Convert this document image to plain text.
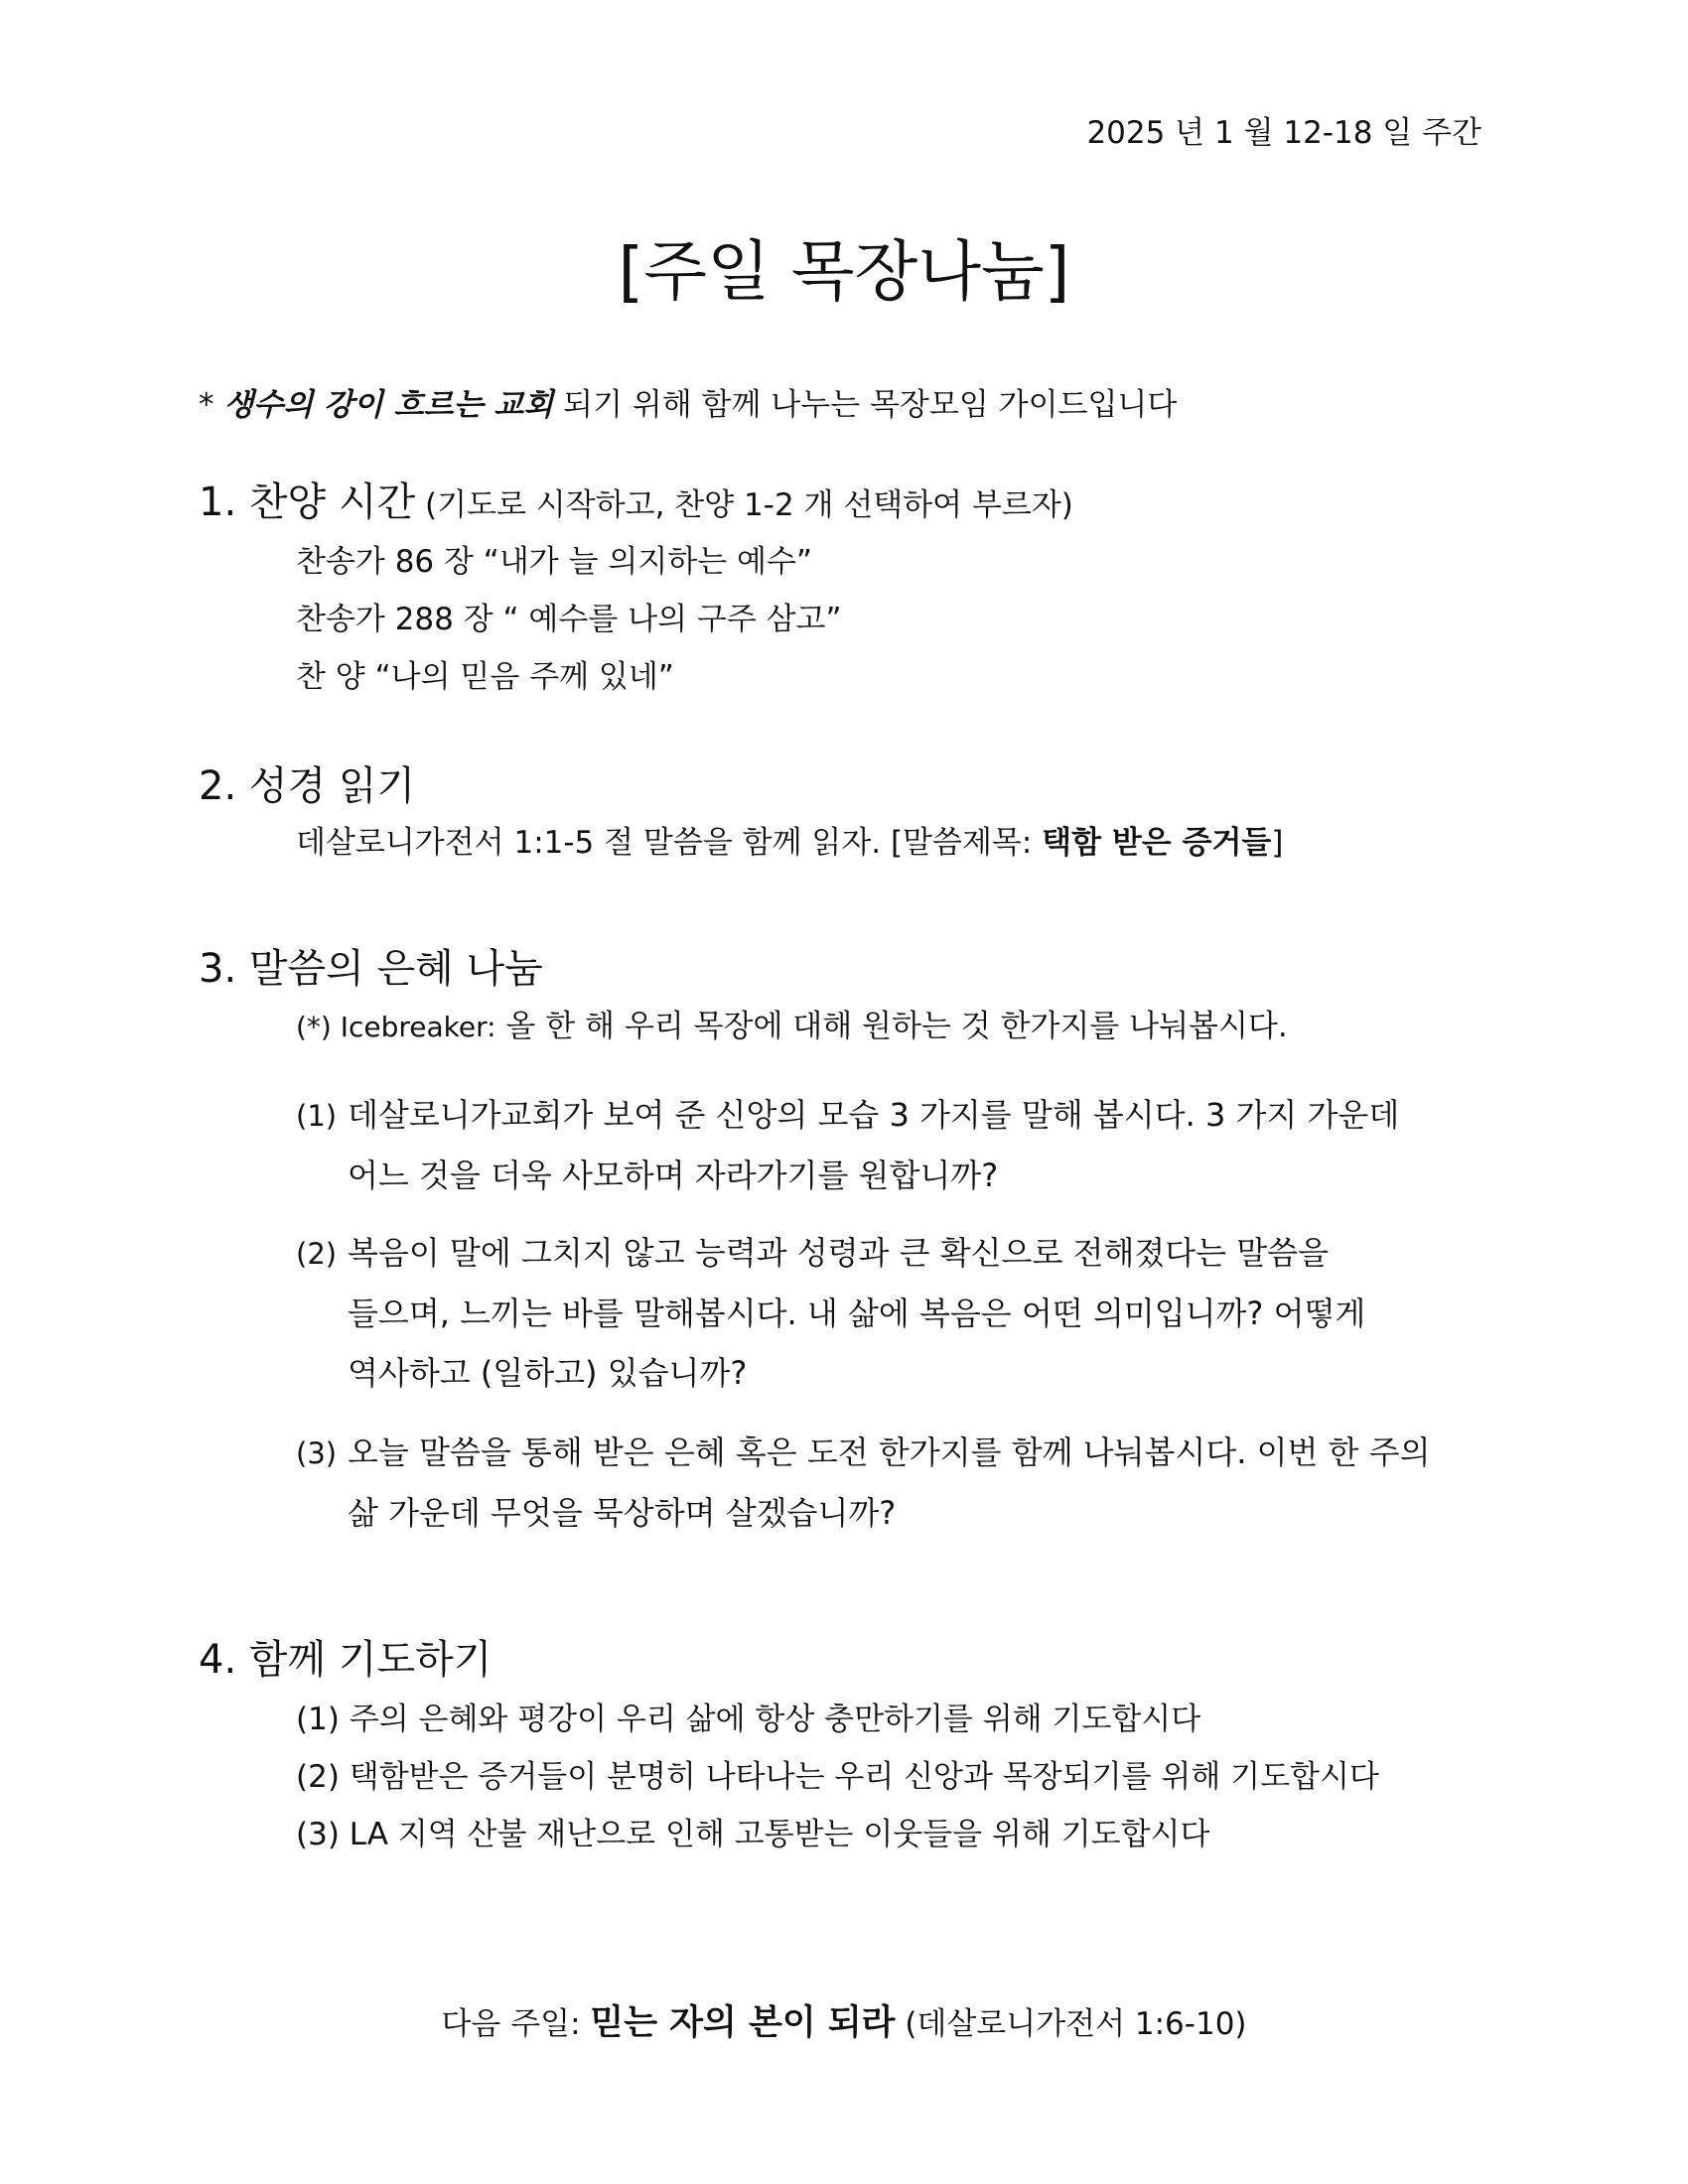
2025 년 1 월 12-18 일 주간
[주일 목장나눔]
* 생수의 강이 흐르는 교회 되기 위해 함께 나누는 목장모임 가이드입니다
1. 찬양 시간 (기도로 시작하고, 찬양 1-2 개 선택하여 부르자)
찬송가 86 장 “내가 늘 의지하는 예수”
찬송가 288 장 “ 예수를 나의 구주 삼고”
찬 양 “나의 믿음 주께 있네”
2. 성경 읽기
데살로니가전서 1:1-5 절 말씀을 함께 읽자. [말씀제목: 택함 받은 증거들]
3. 말씀의 은혜 나눔
(*) Icebreaker: 올 한 해 우리 목장에 대해 원하는 것 한가지를 나눠봅시다.
(1) 데살로니가교회가 보여 준 신앙의 모습 3 가지를 말해 봅시다. 3 가지 가운데
어느 것을 더욱 사모하며 자라가기를 원합니까?
(2) 복음이 말에 그치지 않고 능력과 성령과 큰 확신으로 전해졌다는 말씀을
들으며, 느끼는 바를 말해봅시다. 내 삶에 복음은 어떤 의미입니까? 어떻게
역사하고 (일하고) 있습니까?
(3) 오늘 말씀을 통해 받은 은혜 혹은 도전 한가지를 함께 나눠봅시다. 이번 한 주의
삶 가운데 무엇을 묵상하며 살겠습니까?
4. 함께 기도하기
(1) 주의 은혜와 평강이 우리 삶에 항상 충만하기를 위해 기도합시다
(2) 택함받은 증거들이 분명히 나타나는 우리 신앙과 목장되기를 위해 기도합시다
(3) LA 지역 산불 재난으로 인해 고통받는 이웃들을 위해 기도합시다
다음 주일: 믿는 자의 본이 되라 (데살로니가전서 1:6-10)
